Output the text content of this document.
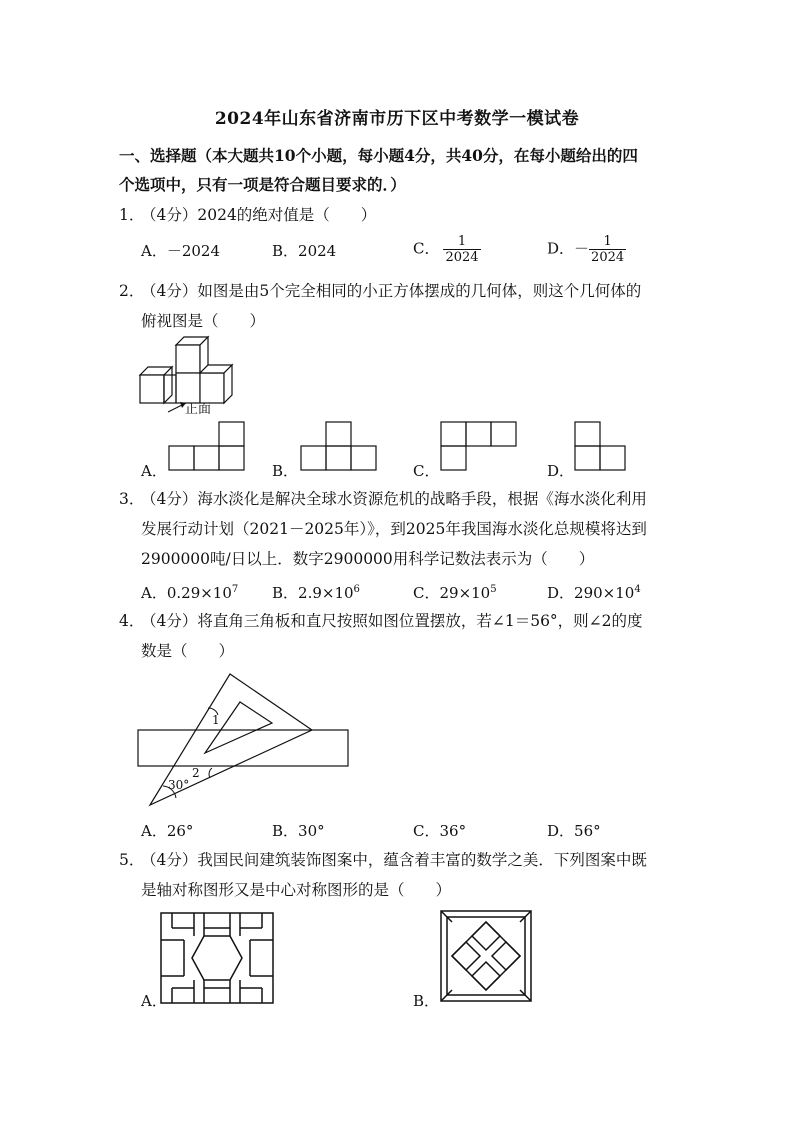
2024年山东省济南市历下区中考数学一模试卷
一、选择题（本大题共10个小题，每小题4分，共40分，在每小题给出的四
个选项中，只有一项是符合题目要求的．）
1．（4分）2024的绝对值是（　　）
A．－2024	B．2024	C． $\frac{1}{2024}$	D．－ $\frac{1}{2024}$
2．（4分）如图是由5个完全相同的小正方体摆成的几何体，则这个几何体的
俯视图是（　　）
正面
A．	B．	C．	D．
3．（4分）海水淡化是解决全球水资源危机的战略手段，根据《海水淡化利用
发展行动计划（2021－2025年）》，到2025年我国海水淡化总规模将达到
2900000吨/日以上．数字2900000用科学记数法表示为（　　）
A．$0.29\times 10^7$ B．$2.9\times 10^6$	C．$29\times 10^5$	D．$290\times 10^4$
4．（4分）将直角三角板和直尺按照如图位置摆放，若∠1＝56°，则∠2的度
数是（　　）
1
2
30°
A．26°	B．30°	C．36°	D．56°
5．（4分）我国民间建筑装饰图案中，蕴含着丰富的数学之美．下列图案中既
是轴对称图形又是中心对称图形的是（　　）
A．	B．
